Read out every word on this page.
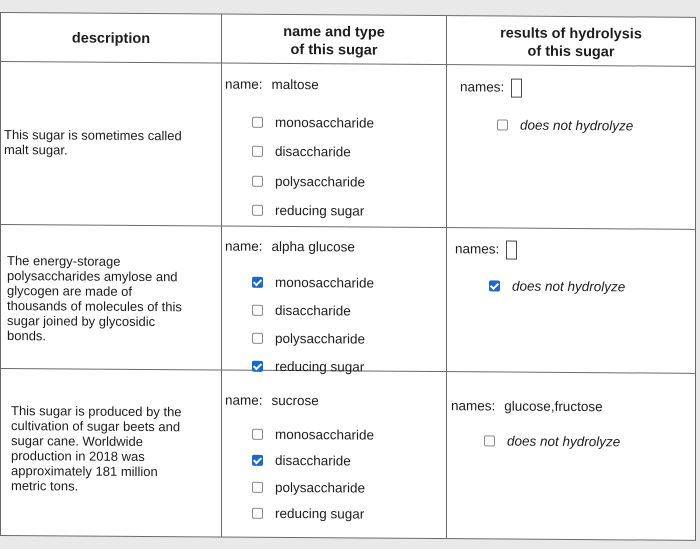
description	name and type
of this sugar
results of hydrolysis
of this sugar
This sugar is sometimes called
malt sugar.
name: maltose
monosaccharide
disaccharide
polysaccharide
reducing sugar
names:
does not hydrolyze
The energy-storage
polysaccharides amylose and
glycogen are made of
thousands of molecules of this
sugar joined by glycosidic
bonds.
name: alpha glucose
monosaccharide
disaccharide
polysaccharide
reducing sugar
names:
does not hydrolyze
This sugar is produced by the
cultivation of sugar beets and
sugar cane. Worldwide
production in 2018 was
approximately 181 million
metric tons.
name: sucrose
monosaccharide
disaccharide
polysaccharide
reducing sugar
names: glucose,fructose
does not hydrolyze
